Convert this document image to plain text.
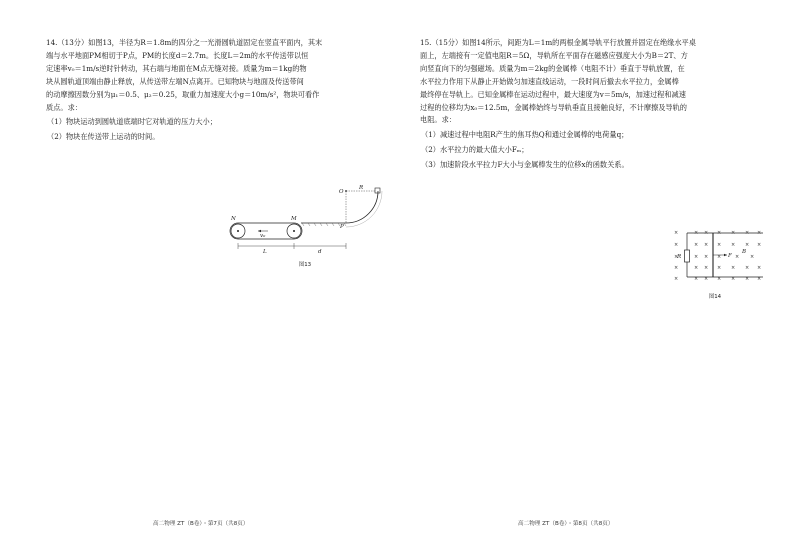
14.（13分）如图13，半径为R＝1.8m的四分之一光滑圆轨道固定在竖直平面内，其末

端与水平地面PM相切于P点，PM的长度d＝2.7m。长度L＝2m的水平传送带以恒

定速率v₀＝1m/s逆时针转动，其右端与地面在M点无缝对接。质量为m＝1kg的物

块从圆轨道顶端由静止释放，从传送带左端N点离开。已知物块与地面及传送带间

的动摩擦因数分别为μ₁＝0.5、μ₂＝0.25，取重力加速度大小g＝10m/s²，物块可看作

质点。求：

（1）物块运动到圆轨道底端时它对轨道的压力大小；

（2）物块在传送带上运动的时间。

v₀
O
R
P
M
N
L	d
图13
高二物理 ZT（B卷）・第7页（共8页）

15.（15分）如图14所示，间距为L＝1m的两根金属导轨平行放置并固定在绝缘水平桌

面上，左端接有一定值电阻R＝5Ω，导轨所在平面存在磁感应强度大小为B＝2T、方

向竖直向下的匀强磁场。质量为m＝2kg的金属棒（电阻不计）垂直于导轨放置，在

水平拉力作用下从静止开始做匀加速直线运动，一段时间后撤去水平拉力，金属棒

最终停在导轨上。已知金属棒在运动过程中，最大速度为v＝5m/s，加速过程和减速

过程的位移均为x₀＝12.5m，金属棒始终与导轨垂直且接触良好，不计摩擦及导轨的

电阻。求：

（1）减速过程中电阻R产生的焦耳热Q和通过金属棒的电荷量q；

（2）水平拉力的最大值大小Fₘ；

（3）加速阶段水平拉力F大小与金属棒发生的位移x的函数关系。

R	F
B
×	× × × × × ×
×	× × × × × ×
×	× × ×	× ×
×	× × × × × ×
×	× × × × × ×
图14
高二物理 ZT（B卷）・第8页（共8页）
